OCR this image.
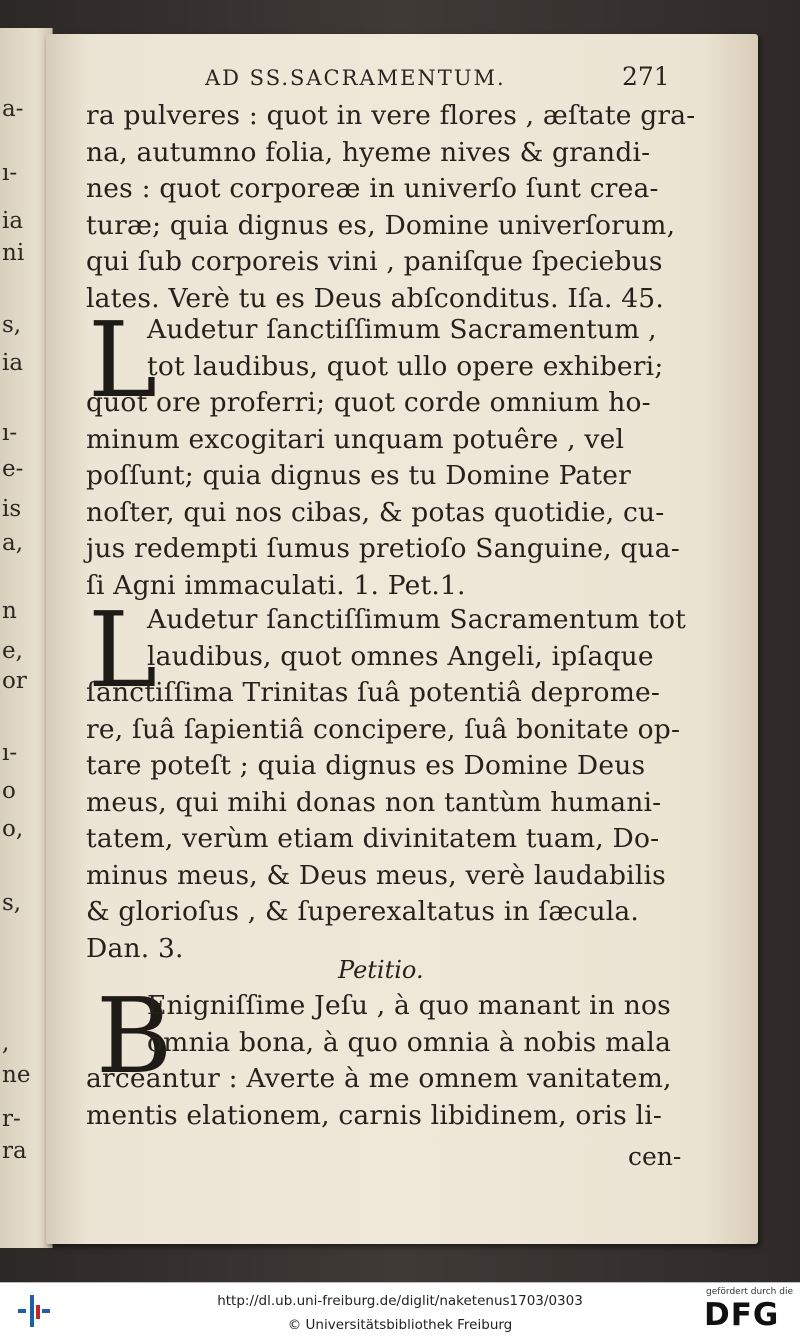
a-
ı-
ia
ni
s,
ia
ı-
e-
is
a,
n
e,
or
ı-
o
o,
s,
,
ne
r-
ra
AD SS.SACRAMENTUM.	271
ra pulveres : quot in vere flores , æſtate gra-
na, autumno folia, hyeme nives & grandi-
nes : quot corporeæ in univerſo ſunt crea-
turæ; quia dignus es, Domine univerſorum,
qui ſub corporeis vini , paniſque ſpeciebus
lates. Verè tu es Deus abſconditus. Iſa. 45.
L
Audetur ſanctiſſimum Sacramentum ,
tot laudibus, quot ullo opere exhiberi;
quot ore proferri; quot corde omnium ho-
minum excogitari unquam potuêre , vel
poſſunt; quia dignus es tu Domine Pater
noſter, qui nos cibas, & potas quotidie, cu-
jus redempti ſumus pretioſo Sanguine, qua-
ſi Agni immaculati. 1. Pet.1.
L
Audetur ſanctiſſimum Sacramentum tot
laudibus, quot omnes Angeli, ipſaque
ſanctiſſima Trinitas ſuâ potentiâ deprome-
re, ſuâ ſapientiâ concipere, ſuâ bonitate op-
tare poteſt ; quia dignus es Domine Deus
meus, qui mihi donas non tantùm humani-
tatem, verùm etiam divinitatem tuam, Do-
minus meus, & Deus meus, verè laudabilis
& glorioſus , & ſuperexaltatus in ſæcula.
Dan. 3.
Petitio.
B
Enigniſſime Jeſu , à quo manant in nos
omnia bona, à quo omnia à nobis mala
arceantur : Averte à me omnem vanitatem,
mentis elationem, carnis libidinem, oris li-
cen-
http://dl.ub.uni-freiburg.de/diglit/naketenus1703/0303
© Universitätsbibliothek Freiburg
gefördert durch die
DFG
